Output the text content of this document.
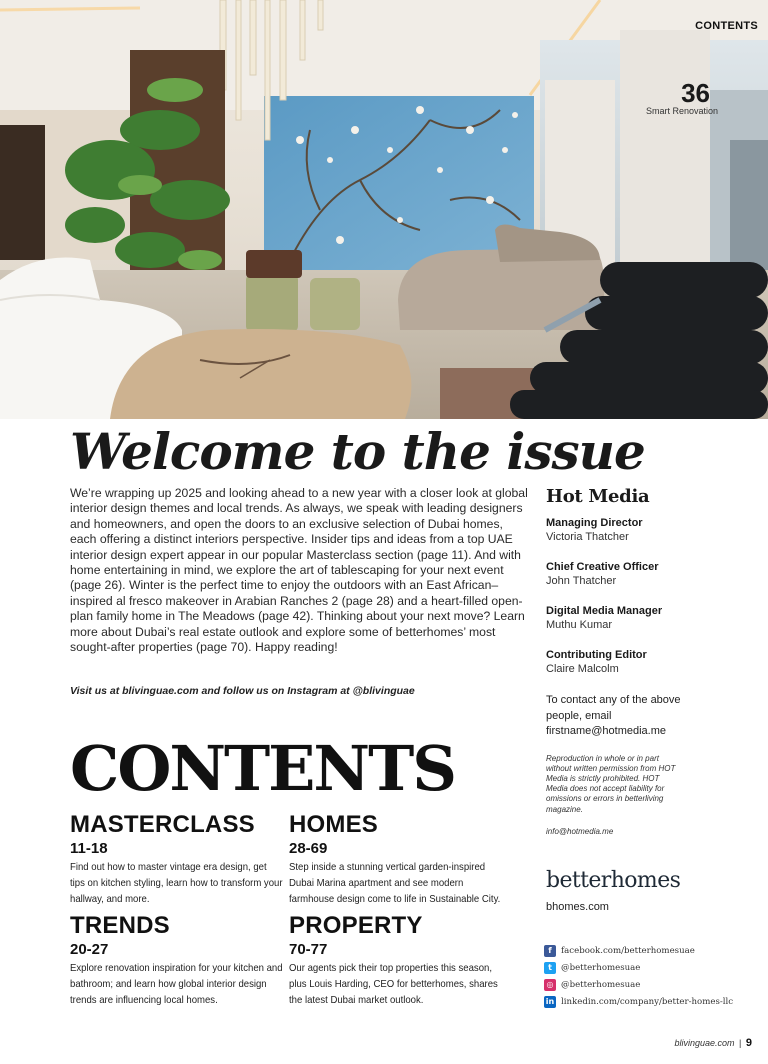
CONTENTS
36
Smart Renovation
Welcome to the issue
We’re wrapping up 2025 and looking ahead to a new year with a closer look at global interior design themes and local trends. As always, we speak with leading designers and homeowners, and open the doors to an exclusive selection of Dubai homes, each offering a distinct interiors perspective. Insider tips and ideas from a top UAE interior design expert appear in our popular Masterclass section (page 11). And with home entertaining in mind, we explore the art of tablescaping for your next event (page 26). Winter is the perfect time to enjoy the outdoors with an East African–inspired al fresco makeover in Arabian Ranches 2 (page 28) and a heart-filled open-plan family home in The Meadows (page 42). Thinking about your next move? Learn more about Dubai’s real estate outlook and explore some of betterhomes’ most sought-after properties (page 70). Happy reading!
Visit us at blivinguae.com and follow us on Instagram at @blivinguae
CONTENTS
MASTERCLASS
11-18
Find out how to master vintage era design, get tips on kitchen styling, learn how to transform your hallway, and more.
HOMES
28-69
Step inside a stunning vertical garden-inspired Dubai Marina apartment and see modern farmhouse design come to life in Sustainable City.
TRENDS
20-27
Explore renovation inspiration for your kitchen and bathroom; and learn how global interior design trends are influencing local homes.
PROPERTY
70-77
Our agents pick their top properties this season, plus Louis Harding, CEO for betterhomes, shares the latest Dubai market outlook.
Hot Media
Managing Director
Victoria Thatcher
Chief Creative Officer
John Thatcher
Digital Media Manager
Muthu Kumar
Contributing Editor
Claire Malcolm
To contact any of the above people, email firstname@hotmedia.me
Reproduction in whole or in part without written permission from HOT Media is strictly prohibited. HOT Media does not accept liability for omissions or errors in betterliving magazine.
info@hotmedia.me
betterhomes
bhomes.com
f	facebook.com/betterhomesuae
t	@betterhomesuae
◎ @betterhomesuae
in linkedin.com/company/better-homes-llc
blivinguae.com | 9
